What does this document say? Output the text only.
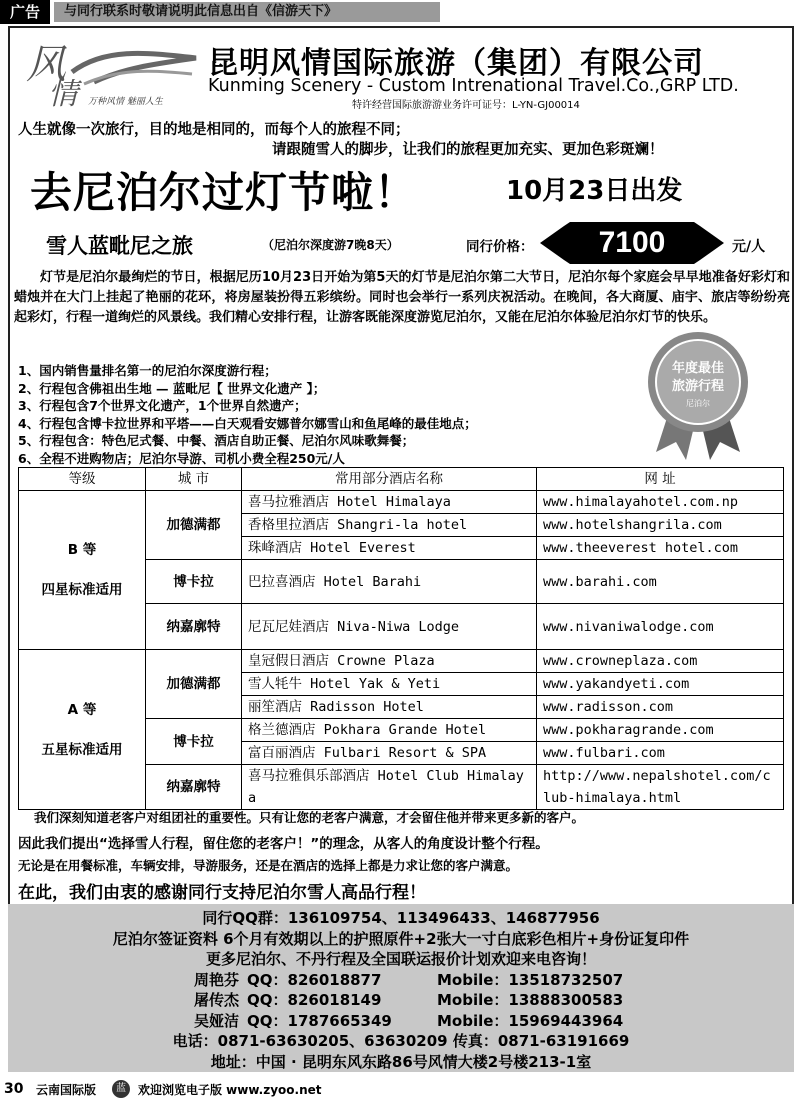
广告	与同行联系时敬请说明此信息出自《信游天下》
风
情	万种风情 魅丽人生
昆明风情国际旅游（集团）有限公司
Kunming Scenery - Custom Intrenational Travel.Co.,GRP LTD.
特许经营国际旅游游业务许可证号：L-YN-GJ00014
人生就像一次旅行，目的地是相同的，而每个人的旅程不同；
请跟随雪人的脚步，让我们的旅程更加充实、更加色彩斑斓！
去尼泊尔过灯节啦！	10月23日出发
雪人蓝毗尼之旅	（尼泊尔深度游7晚8天）	同行价格：	7100	元/人

灯节是尼泊尔最绚烂的节日，根据尼历10月23日开始为第5天的灯节是尼泊尔第二大节日，尼泊尔每个家庭会早早地准备好彩灯和蜡烛并在大门上挂起了艳丽的花环，将房屋装扮得五彩缤纷。同时也会举行一系列庆祝活动。在晚间，各大商厦、庙宇、旅店等纷纷亮起彩灯，行程一道绚烂的风景线。我们精心安排行程，让游客既能深度游览尼泊尔，又能在尼泊尔体验尼泊尔灯节的快乐。

1、国内销售量排名第一的尼泊尔深度游行程；
2、行程包含佛祖出生地 — 蓝毗尼【 世界文化遗产 】；
3、行程包含7个世界文化遗产，1个世界自然遗产；
4、行程包含博卡拉世界和平塔——白天观看安娜普尔娜雪山和鱼尾峰的最佳地点；
5、行程包含：特色尼式餐、中餐、酒店自助正餐、尼泊尔风味歌舞餐；
6、全程不进购物店；尼泊尔导游、司机小费全程250元/人
年度最佳
旅游行程
尼泊尔
等级	城 市	常用部分酒店名称	网 址

B 等
四星标准适用	加德满都	喜马拉雅酒店 Hotel Himalaya	www.himalayahotel.com.np
		香格里拉酒店 Shangri-la hotel	www.hotelshangrila.com
		珠峰酒店 Hotel Everest	www.theeverest hotel.com
	博卡拉	巴拉喜酒店 Hotel Barahi	www.barahi.com
	纳嘉廓特	尼瓦尼娃酒店 Niva-Niwa Lodge	www.nivaniwalodge.com

A 等
五星标准适用	加德满都	皇冠假日酒店 Crowne Plaza	www.crowneplaza.com
		雪人牦牛 Hotel Yak & Yeti	www.yakandyeti.com
		丽笙酒店 Radisson Hotel	www.radisson.com
	博卡拉	格兰德酒店 Pokhara Grande Hotel	www.pokharagrande.com
		富百丽酒店 Fulbari Resort & SPA	www.fulbari.com
	纳嘉廓特	喜马拉雅俱乐部酒店 Hotel Club Himalaya	http://www.nepalshotel.com/club-himalaya.html
我们深刻知道老客户对组团社的重要性。只有让您的老客户满意，才会留住他并带来更多新的客户。
因此我们提出“选择雪人行程，留住您的老客户！”的理念，从客人的角度设计整个行程。
无论是在用餐标准，车辆安排，导游服务，还是在酒店的选择上都是力求让您的客户满意。
在此，我们由衷的感谢同行支持尼泊尔雪人高品行程！
同行QQ群：136109754、113496433、146877956
尼泊尔签证资料 6个月有效期以上的护照原件+2张大一寸白底彩色相片+身份证复印件
更多尼泊尔、不丹行程及全国联运报价计划欢迎来电咨询！
周艳芬 QQ：826018877	Mobile：13518732507
屠传杰 QQ：826018149	Mobile：13888300583
吴娅洁 QQ：1787665349	Mobile：15969443964
电话：0871-63630205、63630209 传真：0871-63191669
地址：中国 · 昆明东风东路86号风情大楼2号楼213-1室
30 云南国际版	欢迎浏览电子版 www.zyoo.net
蓝
